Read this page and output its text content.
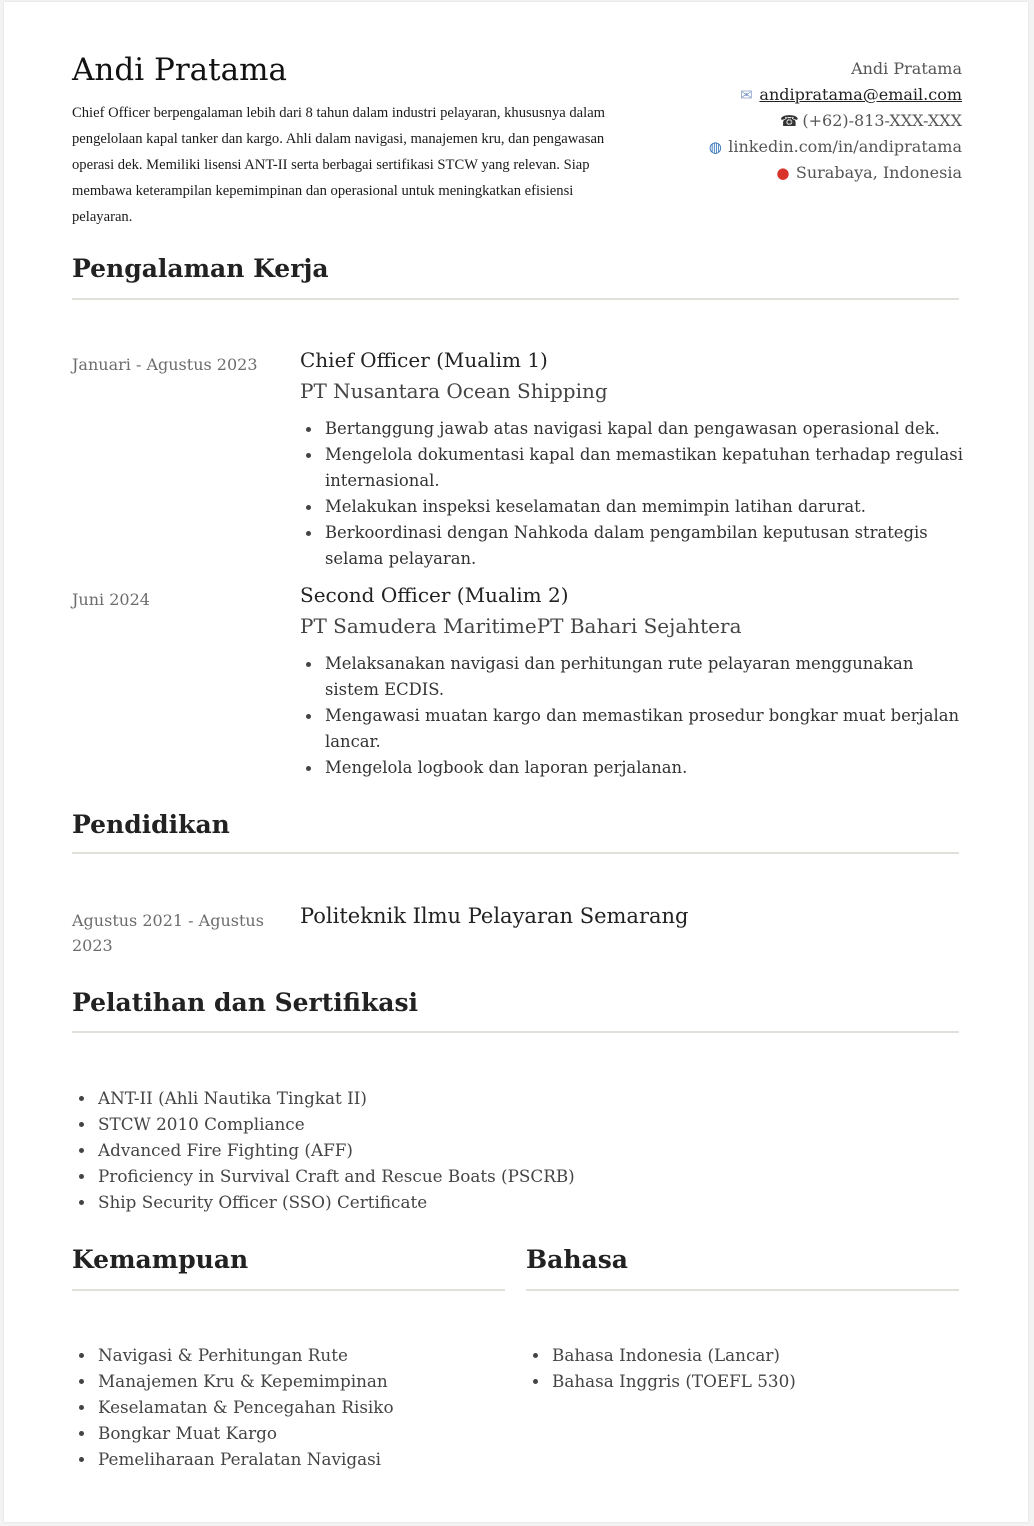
Andi Pratama

Chief Officer berpengalaman lebih dari 8 tahun dalam industri pelayaran, khususnya dalam pengelolaan kapal tanker dan kargo. Ahli dalam navigasi, manajemen kru, dan pengawasan operasi dek. Memiliki lisensi ANT-II serta berbagai sertifikasi STCW yang relevan. Siap membawa keterampilan kepemimpinan dan operasional untuk meningkatkan efisiensi pelayaran.

Andi Pratama
✉ andipratama@email.com
☎ (+62)-813-XXX-XXX
◍ linkedin.com/in/andipratama
● Surabaya, Indonesia
Pengalaman Kerja
Januari - Agustus 2023 Chief Officer (Mualim 1)
PT Nusantara Ocean Shipping
Bertanggung jawab atas navigasi kapal dan pengawasan operasional dek.
Mengelola dokumentasi kapal dan memastikan kepatuhan terhadap regulasi internasional.
Melakukan inspeksi keselamatan dan memimpin latihan darurat.
Berkoordinasi dengan Nahkoda dalam pengambilan keputusan strategis selama pelayaran.
Juni 2024	Second Officer (Mualim 2)
PT Samudera MaritimePT Bahari Sejahtera
Melaksanakan navigasi dan perhitungan rute pelayaran menggunakan sistem ECDIS.
Mengawasi muatan kargo dan memastikan prosedur bongkar muat berjalan lancar.
Mengelola logbook dan laporan perjalanan.
Pendidikan
Agustus 2021 - Agustus 2023
Politeknik Ilmu Pelayaran Semarang
Pelatihan dan Sertifikasi
ANT-II (Ahli Nautika Tingkat II)
STCW 2010 Compliance
Advanced Fire Fighting (AFF)
Proficiency in Survival Craft and Rescue Boats (PSCRB)
Ship Security Officer (SSO) Certificate
Kemampuan
Navigasi & Perhitungan Rute
Manajemen Kru & Kepemimpinan
Keselamatan & Pencegahan Risiko
Bongkar Muat Kargo
Pemeliharaan Peralatan Navigasi
Bahasa
Bahasa Indonesia (Lancar)
Bahasa Inggris (TOEFL 530)
